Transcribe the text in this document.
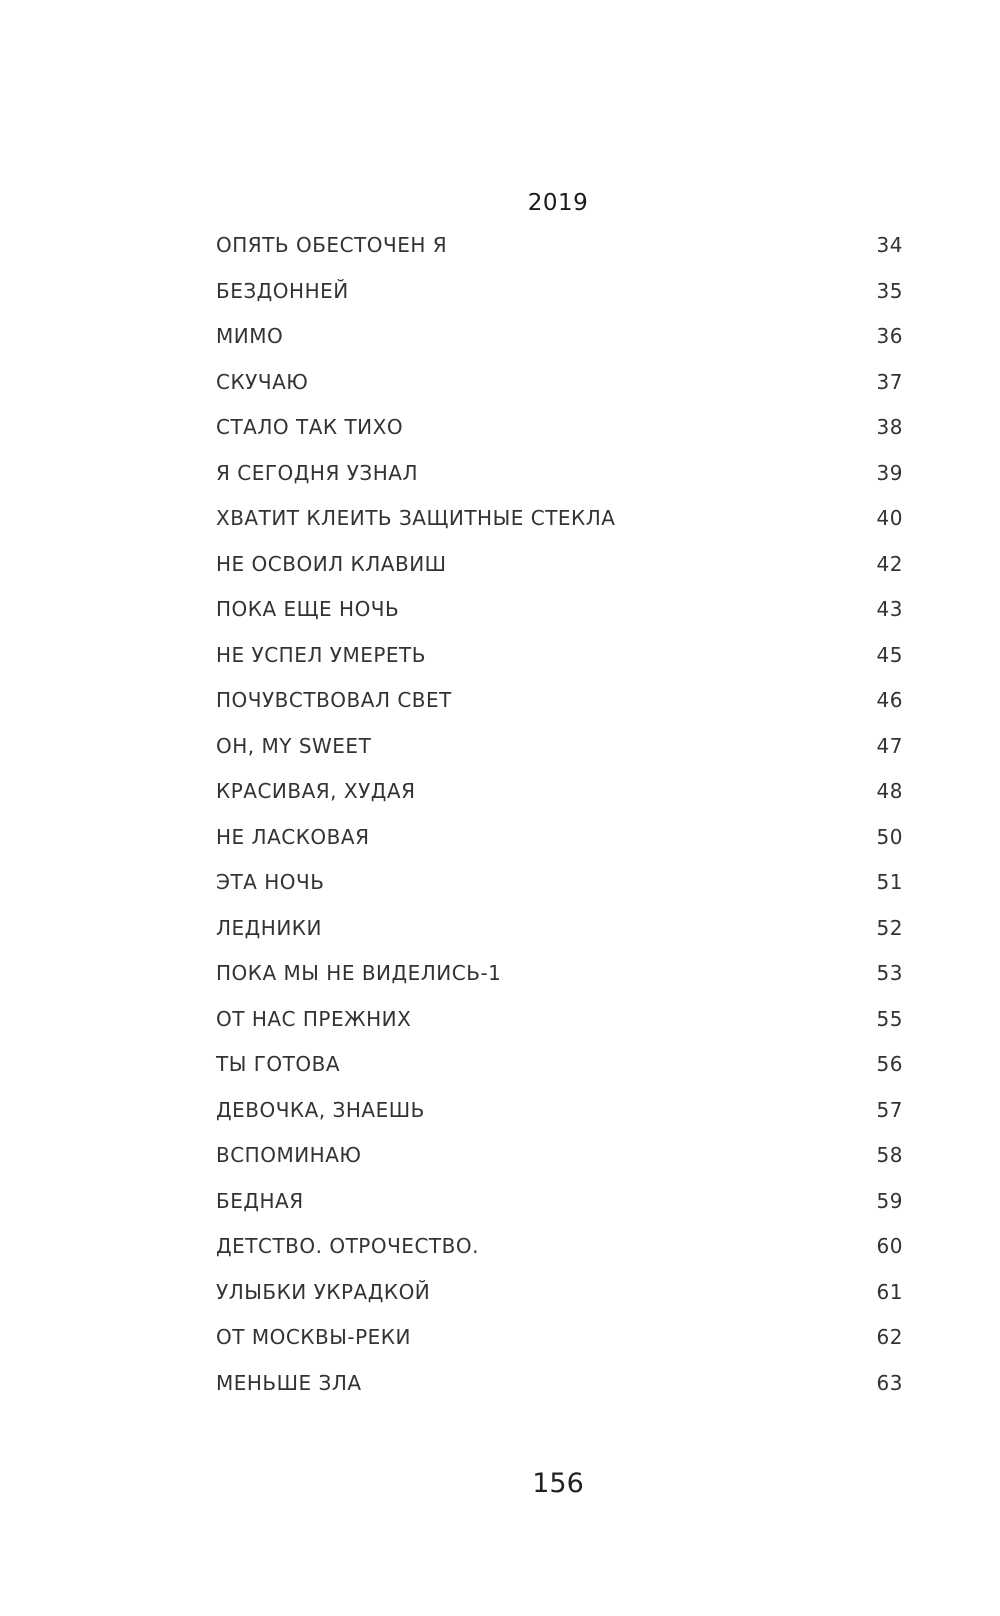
2019
ОПЯТЬ ОБЕСТОЧЕН Я	34
БЕЗДОННЕЙ	35
МИМО	36
СКУЧАЮ	37
СТАЛО ТАК ТИХО	38
Я СЕГОДНЯ УЗНАЛ	39
ХВАТИТ КЛЕИТЬ ЗАЩИТНЫЕ СТЕКЛА	40
НЕ ОСВОИЛ КЛАВИШ	42
ПОКА ЕЩЕ НОЧЬ	43
НЕ УСПЕЛ УМЕРЕТЬ	45
ПОЧУВСТВОВАЛ СВЕТ	46
OH, MY SWEET	47
КРАСИВАЯ, ХУДАЯ	48
НЕ ЛАСКОВАЯ	50
ЭТА НОЧЬ	51
ЛЕДНИКИ	52
ПОКА МЫ НЕ ВИДЕЛИСЬ-1	53
ОТ НАС ПРЕЖНИХ	55
ТЫ ГОТОВА	56
ДЕВОЧКА, ЗНАЕШЬ	57
ВСПОМИНАЮ	58
БЕДНАЯ	59
ДЕТСТВО. ОТРОЧЕСТВО.	60
УЛЫБКИ УКРАДКОЙ	61
ОТ МОСКВЫ-РЕКИ	62
МЕНЬШЕ ЗЛА	63
156
